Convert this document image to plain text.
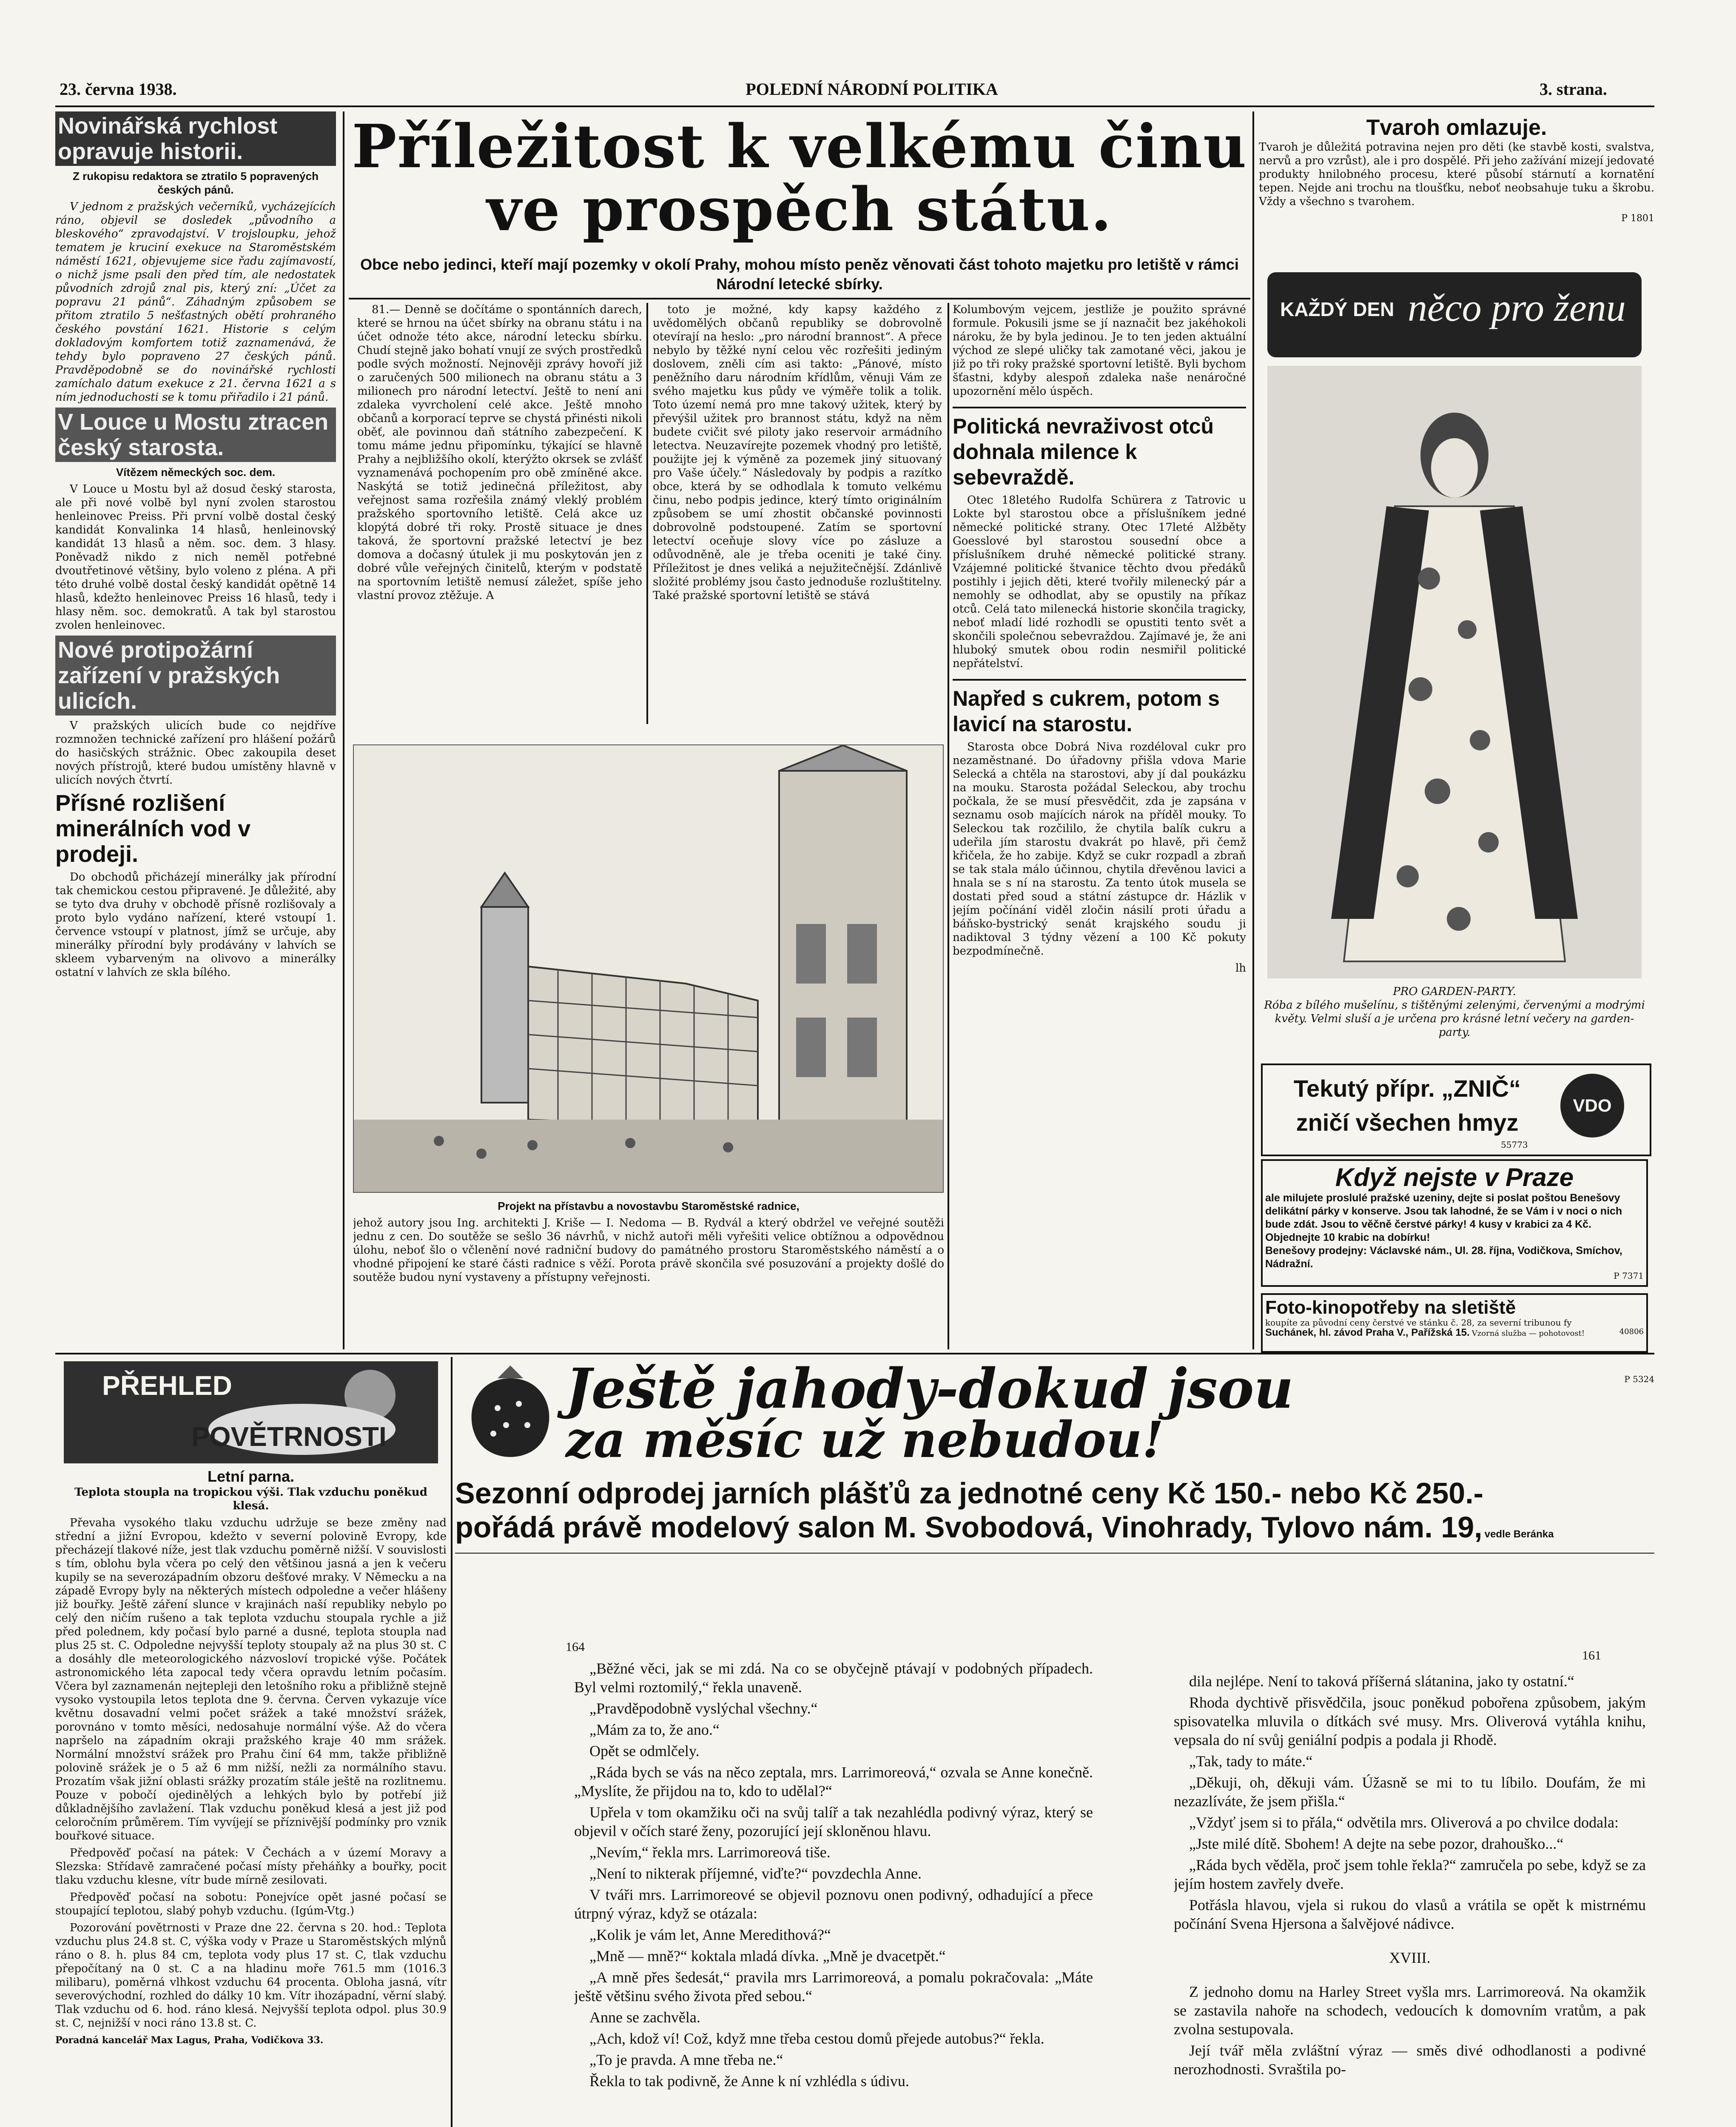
23. června 1938.	POLEDNÍ NÁRODNÍ POLITIKA	3. strana.
Novinářská rychlost opravuje historii.
Z rukopisu redaktora se ztratilo 5 popravených českých pánů.

V jednom z pražských večerníků, vycházejících ráno, objevil se dosledek „původního a bleskového“ zpravodajství. V trojsloupku, jehož tematem je kruciní exekuce na Staroměstském náměstí 1621, objevujeme sice řadu zajímavostí, o nichž jsme psali den před tím, ale nedostatek původních zdrojů znal pis, který zní: „Účet za popravu 21 pánů“. Záhadným způsobem se přitom ztratilo 5 nešťastných obětí prohraného českého povstání 1621. Historie s celým dokladovým komfortem totiž zaznamenává, že tehdy bylo popraveno 27 českých pánů. Pravděpodobně se do novinářské rychlosti zamíchalo datum exekuce z 21. června 1621 a s ním jednoduchosti se k tomu přiřadilo i 21 pánů.

V Louce u Mostu ztracen český starosta.
Vítězem německých soc. dem.

V Louce u Mostu byl až dosud český starosta, ale při nové volbě byl nyní zvolen starostou henleinovec Preiss. Při první volbě dostal český kandidát Konvalinka 14 hlasů, henleinovský kandidát 13 hlasů a něm. soc. dem. 3 hlasy. Poněvadž nikdo z nich neměl potřebné dvoutřetinové většiny, bylo voleno z pléna. A při této druhé volbě dostal český kandidát opětně 14 hlasů, kdežto henleinovec Preiss 16 hlasů, tedy i hlasy něm. soc. demokratů. A tak byl starostou zvolen henleinovec.

Nové protipožární zařízení v pražských ulicích.

V pražských ulicích bude co nejdříve rozmnožen technické zařízení pro hlášení požárů do hasičských strážnic. Obec zakoupila deset nových přístrojů, které budou umístěny hlavně v ulicích nových čtvrtí.

Přísné rozlišení minerálních vod v prodeji.

Do obchodů přicházejí minerálky jak přírodní tak chemickou cestou připravené. Je důležité, aby se tyto dva druhy v obchodě přísně rozlišovaly a proto bylo vydáno nařízení, které vstoupí 1. července vstoupí v platnost, jímž se určuje, aby minerálky přírodní byly prodávány v lahvích se skleem vybarveným na olivovo a minerálky ostatní v lahvích ze skla bílého.

Příležitost k velkému činu
ve prospěch státu.
Obce nebo jedinci, kteří mají pozemky v okolí Prahy, mohou místo peněz věnovati část tohoto majetku pro letiště v rámci Národní letecké sbírky.

81.— Denně se dočítáme o spontánních darech, které se hrnou na účet sbírky na obranu státu i na účet odnože této akce, národní letecku sbírku. Chudí stejně jako bohatí vnují ze svých prostředků podle svých možností. Nejnověji zprávy hovoří již o zaručených 500 milionech na obranu státu a 3 milionech pro národní letectví. Ještě to není ani zdaleka vyvrcholení celé akce. Ještě mnoho občanů a korporací teprve se chystá přinésti nikoli oběť, ale povinnou daň státního zabezpečení. K tomu máme jednu připomínku, týkající se hlavně Prahy a nejbližšího okolí, kterýžto okrsek se zvlášť vyznamenává pochopením pro obě zmíněné akce. Naskýtá se totiž jedinečná příležitost, aby veřejnost sama rozřešila známý vleklý problém pražského sportovního letiště. Celá akce uz klopýtá dobré tři roky. Prostě situace je dnes taková, že sportovní pražské letectví je bez domova a dočasný útulek ji mu poskytován jen z dobré vůle veřejných činitelů, kterým v podstatě na sportovním letiště nemusí záležet, spíše jeho vlastní provoz ztěžuje. A

toto je možné, kdy kapsy každého z uvědomělých občanů republiky se dobrovolně otevírají na heslo: „pro národní brannost“. A přece nebylo by těžké nyní celou věc rozřešiti jediným doslovem, zněli cím asi takto: „Pánové, místo peněžního daru národním křídlům, věnuji Vám ze svého majetku kus půdy ve výměře tolik a tolik. Toto území nemá pro mne takový užitek, který by převýšil užitek pro brannost státu, když na něm budete cvičit své piloty jako reservoir armádního letectva. Neuzavírejte pozemek vhodný pro letiště, použijte jej k výměně za pozemek jiný situovaný pro Vaše účely.“ Následovaly by podpis a razítko obce, která by se odhodlala k tomuto velkému činu, nebo podpis jedince, který tímto originálním způsobem se umí zhostit občanské povinnosti dobrovolně podstoupené. Zatím se sportovní letectví oceňuje slovy více po zásluze a odůvodněně, ale je třeba oceniti je také činy. Příležitost je dnes veliká a nejužitečnější. Zdánlivě složité problémy jsou často jednoduše rozluštitelny. Také pražské sportovní letiště se stává

Projekt na přístavbu a novostavbu Staroměstské radnice,

jehož autory jsou Ing. architekti J. Kriše — I. Nedoma — B. Rydvál a který obdržel ve veřejné soutěži jednu z cen. Do soutěže se sešlo 36 návrhů, v nichž autoři měli vyřešiti velice obtížnou a odpovědnou úlohu, neboť šlo o včlenění nové radniční budovy do památného prostoru Staroměstského náměstí a o vhodné připojení ke staré části radnice s věží. Porota právě skončila své posuzování a projekty došlé do soutěže budou nyní vystaveny a přístupny veřejnosti.

Kolumbovým vejcem, jestliže je použito správné formule. Pokusili jsme se jí naznačit bez jakéhokoli nároku, že by byla jedinou. Je to ten jeden aktuální východ ze slepé uličky tak zamotané věci, jakou je již po tři roky pražské sportovní letiště. Byli bychom šťastni, kdyby alespoň zdaleka naše nenáročné upozornění mělo úspěch.

Politická nevraživost otců dohnala milence k sebevraždě.

Otec 18letého Rudolfa Schürera z Tatrovic u Lokte byl starostou obce a příslušníkem jedné německé politické strany. Otec 17leté Alžběty Goesslové byl starostou sousední obce a příslušníkem druhé německé politické strany. Vzájemné politické štvanice těchto dvou předáků postihly i jejich děti, které tvořily milenecký pár a nemohly se odhodlat, aby se opustily na příkaz otců. Celá tato milenecká historie skončila tragicky, neboť mladí lidé rozhodli se opustiti tento svět a skončili společnou sebevraždou. Zajímavé je, že ani hluboký smutek obou rodin nesmiřil politické nepřátelství.

Napřed s cukrem, potom s lavicí na starostu.

Starosta obce Dobrá Niva rozdéloval cukr pro nezaměstnané. Do úřadovny přišla vdova Marie Selecká a chtěla na starostovi, aby jí dal poukázku na mouku. Starosta požádal Seleckou, aby trochu počkala, že se musí přesvědčit, zda je zapsána v seznamu osob majících nárok na příděl mouky. To Seleckou tak rozčililo, že chytila balík cukru a udeřila jím starostu dvakrát po hlavě, při čemž křičela, že ho zabije. Když se cukr rozpadl a zbraň se tak stala málo účinnou, chytila dřevěnou lavici a hnala se s ní na starostu. Za tento útok musela se dostati před soud a státní zástupce dr. Házlik v jejím počínání viděl zločin násilí proti úřadu a báňsko-bystrický senát krajského soudu ji nadiktoval 3 týdny vězení a 100 Kč pokuty bezpodmínečně.

lh
Tvaroh omlazuje.

Tvaroh je důležitá potravina nejen pro děti (ke stavbě kosti, svalstva, nervů a pro vzrůst), ale i pro dospělé. Při jeho zažívání mizejí jedovaté produkty hnilobného procesu, které působí stárnutí a kornatění tepen. Nejde ani trochu na tloušťku, neboť neobsahuje tuku a škrobu. Vždy a všechno s tvarohem.

P 1801
KAŽDÝ DEN něco pro ženu
PRO GARDEN-PARTY.
Róba z bílého mušelínu, s tištěnými zelenými, červenými a modrými květy. Velmi sluší a je určena pro krásné letní večery na garden-party.
Tekutý přípr. „ZNIČ“
zničí všechen hmyz
VDO
55773
Když nejste v Praze
ale milujete proslulé pražské uzeniny, dejte si poslat poštou Benešovy delikátní párky v konserve. Jsou tak lahodné, že se Vám i v noci o nich bude zdát. Jsou to věčně čerstvé párky! 4 kusy v krabici za 4 Kč. Objednejte 10 krabic na dobírku!
Benešovy prodejny: Václavské nám., Ul. 28. října, Vodičkova, Smíchov, Nádražní.
P 7371
Foto-kinopotřeby na sletiště
koupíte za původní ceny čerstvé ve stánku č. 28, za severní tribunou fy
Suchánek, hl. závod Praha V., Pařížská 15. Vzorná služba — pohotovost!	40806
PŘEHLED
POVĚTRNOSTI
Letní parna.
Teplota stoupla na tropickou výši. Tlak vzduchu poněkud klesá.

Převaha vysokého tlaku vzduchu udržuje se beze změny nad střední a jižní Evropou, kdežto v severní polovině Evropy, kde přecházejí tlakové níže, jest tlak vzduchu poměrně nižší. V souvislosti s tím, oblohu byla včera po celý den většinou jasná a jen k večeru kupily se na severozápadním obzoru dešťové mraky. V Německu a na západě Evropy byly na některých místech odpoledne a večer hlášeny již bouřky. Ještě záření slunce v krajinách naší republiky nebylo po celý den ničím rušeno a tak teplota vzduchu stoupala rychle a již před polednem, kdy počasí bylo parné a dusné, teplota stoupla nad plus 25 st. C. Odpoledne nejvyšší teploty stoupaly až na plus 30 st. C a dosáhly dle meteorologického názvosloví tropické výše. Počátek astronomického léta zapocal tedy včera opravdu letním počasím. Včera byl zaznamenán nejtepleji den letošního roku a přibližně stejně vysoko vystoupila letos teplota dne 9. června. Červen vykazuje více květnu dosavadní velmi počet srážek a také množství srážek, porovnáno v tomto měsíci, nedosahuje normální výše. Až do včera napršelo na západním okraji pražského kraje 40 mm srážek. Normální množství srážek pro Prahu činí 64 mm, takže přibližně polovině srážek je o 5 až 6 mm nižší, nežli za normálního stavu. Prozatím však jižní oblasti srážky prozatím stále ještě na rozlitnemu. Pouze v pobočí ojedinělých a lehkých bylo by potřebí již důkladnějšího zavlažení. Tlak vzduchu poněkud klesá a jest již pod celoročním průměrem. Tím vyvíjejí se příznivější podmínky pro vznik bouřkové situace.

Předpověď počasí na pátek: V Čechách a v území Moravy a Slezska: Střídavě zamračené počasí místy přeháňky a bouřky, pocit tlaku vzduchu klesne, vítr bude mírně zesilovati.

Předpověď počasí na sobotu: Ponejvíce opět jasné počasí se stoupající teplotou, slabý pohyb vzduchu. (Igúm-Vtg.)

Pozorování povětrnosti v Praze dne 22. června s 20. hod.: Teplota vzduchu plus 24.8 st. C, výška vody v Praze u Staroměstských mlýnů ráno o 8. h. plus 84 cm, teplota vody plus 17 st. C, tlak vzduchu přepočítaný na 0 st. C a na hladinu moře 761.5 mm (1016.3 milibaru), poměrná vlhkost vzduchu 64 procenta. Obloha jasná, vítr severovýchodní, rozhled do dálky 10 km. Vítr ihozápadní, věrní slabý. Tlak vzduchu od 6. hod. ráno klesá. Nejvyšší teplota odpol. plus 30.9 st. C, nejnižší v noci ráno 13.8 st. C.

Poradná kancelář Max Lagus, Praha, Vodičkova 33.
Ještě jahody-dokud jsou
za měsíc už nebudou!
P 5324
Sezonní odprodej jarních plášťů za jednotné ceny Kč 150.- nebo Kč 250.-
pořádá právě modelový salon M. Svobodová, Vinohrady, Tylovo nám. 19, vedle Beránka
164
161

„Běžné věci, jak se mi zdá. Na co se obyčejně ptávají v podobných případech. Byl velmi roztomilý,“ řekla unaveně.

„Pravděpodobně vyslýchal všechny.“

„Mám za to, že ano.“

Opět se odmlčely.

„Ráda bych se vás na něco zeptala, mrs. Larrimoreová,“ ozvala se Anne konečně. „Myslíte, že přijdou na to, kdo to udělal?“

Upřela v tom okamžiku oči na svůj talíř a tak nezahlédla podivný výraz, který se objevil v očích staré ženy, pozorující její skloněnou hlavu.

„Nevím,“ řekla mrs. Larrimoreová tiše.

„Není to nikterak příjemné, viďte?“ povzdechla Anne.

V tváři mrs. Larrimoreové se objevil poznovu onen podivný, odhadující a přece útrpný výraz, když se otázala:

„Kolik je vám let, Anne Meredithová?“

„Mně — mně?“ koktala mladá dívka. „Mně je dvacetpět.“

„A mně přes šedesát,“ pravila mrs Larrimoreová, a pomalu pokračovala: „Máte ještě většinu svého života před sebou.“

Anne se zachvěla.

„Ach, kdož ví! Což, když mne třeba cestou domů přejede autobus?“ řekla.

„To je pravda. A mne třeba ne.“

Řekla to tak podivně, že Anne k ní vzhlédla s údivu.

dila nejlépe. Není to taková příšerná slátanina, jako ty ostatní.“

Rhoda dychtivě přisvědčila, jsouc poněkud pobořena způsobem, jakým spisovatelka mluvila o dítkách své musy. Mrs. Oliverová vytáhla knihu, vepsala do ní svůj geniální podpis a podala ji Rhodě.

„Tak, tady to máte.“

„Děkuji, oh, děkuji vám. Úžasně se mi to tu líbilo. Doufám, že mi nezazlíváte, že jsem přišla.“

„Vždyť jsem si to přála,“ odvětila mrs. Oliverová a po chvilce dodala:

„Jste milé dítě. Sbohem! A dejte na sebe pozor, drahouško...“

„Ráda bych věděla, proč jsem tohle řekla?“ zamručela po sebe, když se za jejím hostem zavřely dveře.

Potřásla hlavou, vjela si rukou do vlasů a vrátila se opět k mistrnému počínání Svena Hjersona a šalvějové nádivce.

XVIII.

Z jednoho domu na Harley Street vyšla mrs. Larrimoreová. Na okamžik se zastavila nahoře na schodech, vedoucích k domovním vratům, a pak zvolna sestupovala.

Její tvář měla zvláštní výraz — směs divé odhodlanosti a podivné nerozhodnosti. Svraštila po-
